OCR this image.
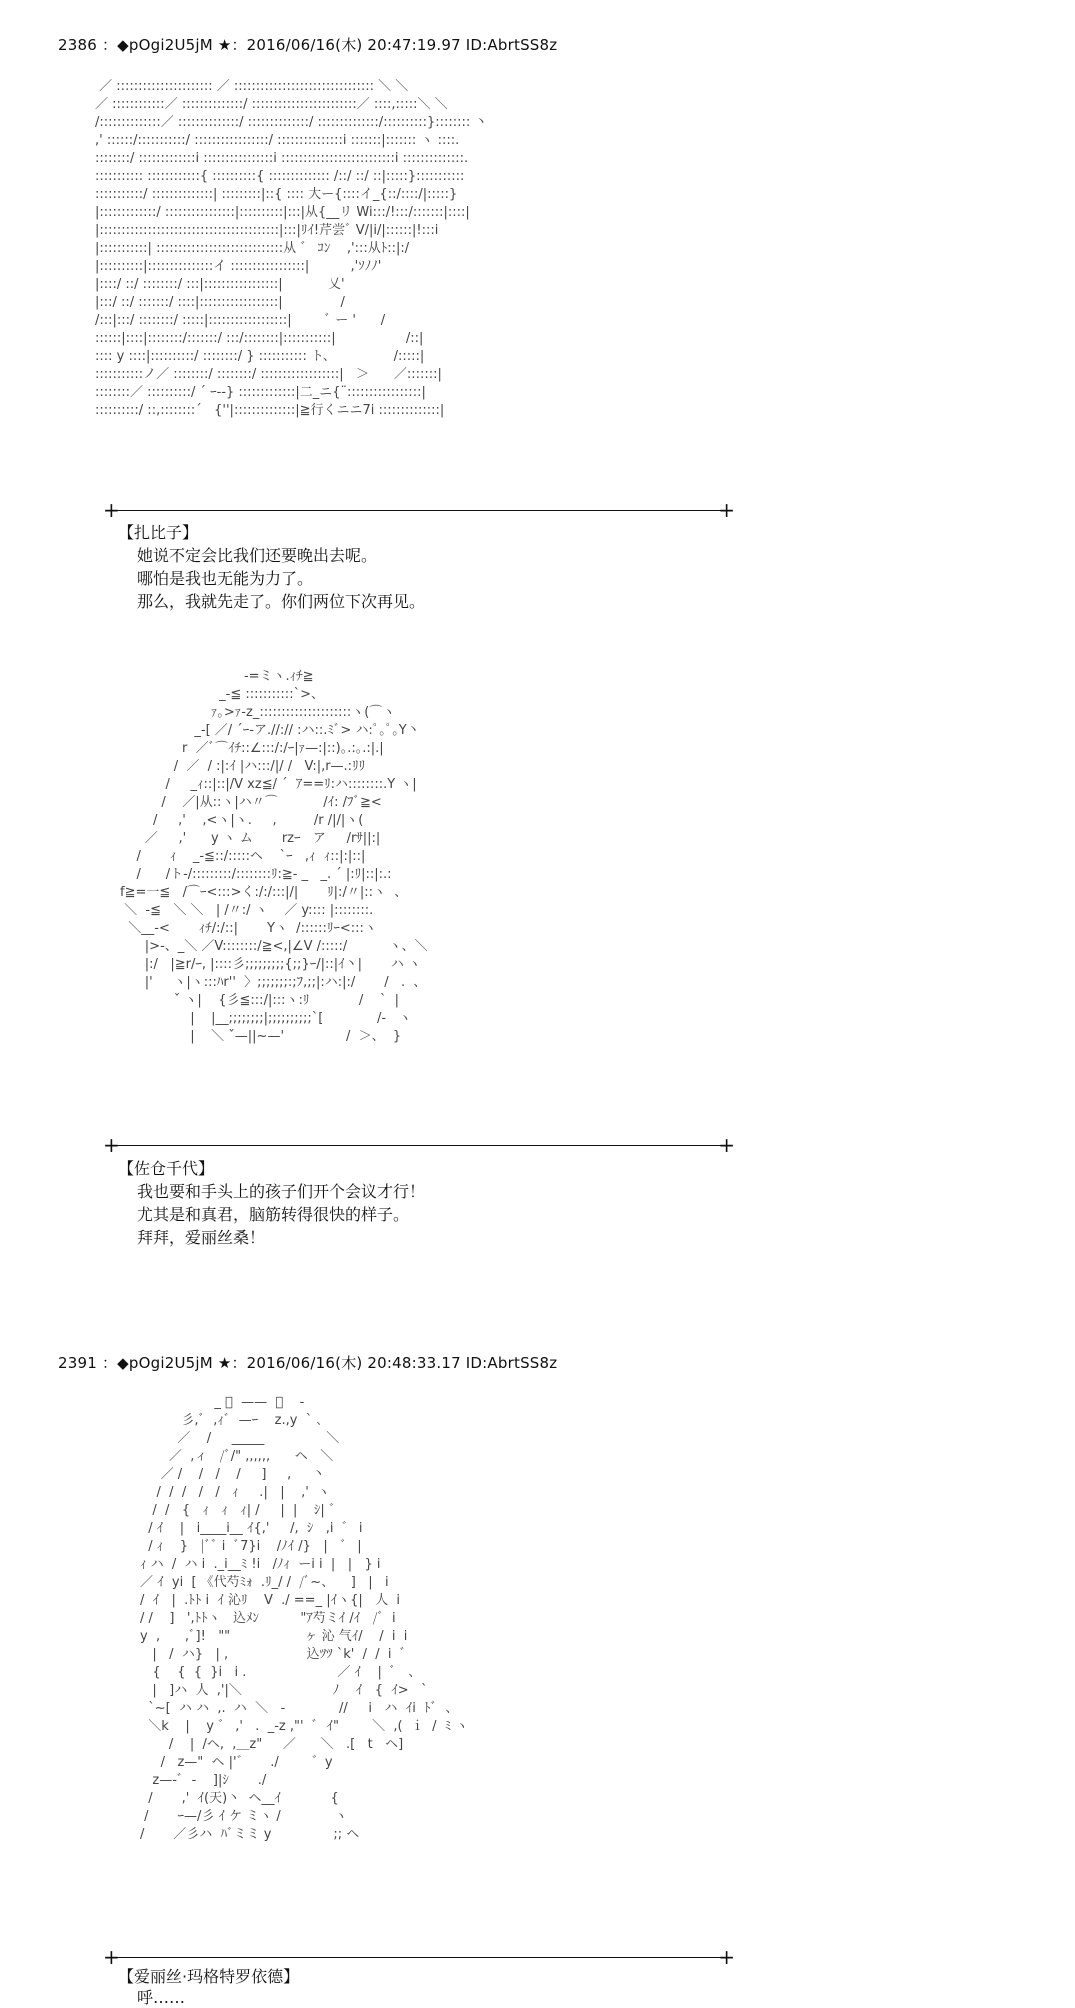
2386 ：◆pOgi2U5jM ★：2016/06/16(木) 20:47:19.97 ID:AbrtSS8z
／ :::::::::::::::::::::: ／ :::::::::::::::::::::::::::::::: ＼ ＼
／ ::::::::::::／ ::::::::::::::/ ::::::::::::::::::::::::／ ::::,:::::＼ ＼
/::::::::::::::／ ::::::::::::::/ ::::::::::::::/ ::::::::::::::/::::::::::}:::::::: 丶
,' ::::::/:::::::::::/ :::::::::::::::::/ :::::::::::::::i :::::::|::::::: ヽ ::::.
::::::::/ :::::::::::::i ::::::::::::::::i ::::::::::::::::::::::::::i ::::::::::::::.
::::::::::: ::::::::::::{ ::::::::::{ :::::::::::::: /::/ ::/ ::|:::::}:::::::::::
:::::::::::/ ::::::::::::::| :::::::::|::{ :::: 大ー{::::イ_{::/::::/|:::::}
|:::::::::::::/ ::::::::::::::::|::::::::::|:::|从{__リ Wi:::/!:::/:::::::|::::|
|:::::::::::::::::::::::::::::::::::::::::|:::|ﾘｲ!芹尝ﾞ V/|i/|::::::|!:::i
|:::::::::::| :::::::::::::::::::::::::::::从 ゛ ｺﾝ    ,':::从ﾄ::|:/
|::::::::::|:::::::::::::::イ :::::::::::::::::|          ,'ｿﾉﾉ'
|::::/ ::/ ::::::::/ :::|:::::::::::::::::|           乂'
|:::/ ::/ :::::::/ ::::|::::::::::::::::::|              /
/:::|:::/ ::::::::/ :::::|::::::::::::::::::|        ﾞ ー '      /
::::::|::::|::::::::/:::::::/ :::/::::::::|:::::::::::|                 /::|
:::: y ::::|::::::::::/ ::::::::/ } ::::::::::: ト、              /:::::|
:::::::::::ノ／ ::::::::/ ::::::::/ ::::::::::::::::::|   ＞      ／:::::::|
::::::::／ ::::::::::/ ˊ ｰ--} :::::::::::::|二_ニ{¨:::::::::::::::::|
::::::::::/ ::,::::::::ˊ   {''|::::::::::::::|≧行くニニ7i ::::::::::::::|
+	+
【扎比子】
她说不定会比我们还要晚出去呢。
哪怕是我也无能为力了。
那么，我就先走了。你们两位下次再见。
-=ミヽ.ｨﾁ≧
_-≦ :::::::::::ˋ>、
ｧ｡>ｧ-z_:::::::::::::::::::::ヽ(⌒ヽ
_-[ ／/ ˊｰ-ア.//:// :ハ::.ﾐﾞ> ハ:ﾟ｡ﾟ｡Y丶
r  ／ﾞ⌒ｲﾁ::∠:::/:/ｰ|ｧ—:|::)｡.:｡.:|.|
/  ／  / :|:ｲ |ハ:::/|/ /   V:|,r—.:ﾘﾘ
/     _ｨ::|::|/V xz≦/ ˊ  ｱ==ﾘ:ハ::::::::.Y ヽ|
/    ／|从::ヽ|ハ〃⌒           /ｲ: /ﾌﾞ≧<
/     ,'    ,<ヽ|ヽ.     ,         /r /|/|ヽ(
／     ,'      y ヽ ム       rzｰ   ア     /rｻ||:|
/       ｨ    _-≦::/:::::ヘ    ˋｰ   ,ｨ  ｨ::|:|::|
/      /ト-/:::::::::/::::::::ﾘ:≧- _   _. ˊ |:ﾘ|::|:.:
f≧=一≦   /⌒ｰ<:::>く:/:/:::|/|       ﾘ|:/〃|::ヽ  、
＼  -≦   ＼ ＼   | /〃:/ ヽ    ／ y:::: |::::::::.
＼__-<       ｨﾁ/:/::|       Yヽ  /::::::ﾘｰ<:::ヽ
|>-、_＼ ／V::::::::/≧<,|∠V /:::::/          ヽ、＼
|:/   |≧r/ｰ, |::::彡;;;;;;;;;{;;}ｰ/|::|ｲ丶|       ハ ヽ
|'     ヽ|ヽ:::ﾊr''  〉;;;;;;;:;ﾌ,;;|:ハ:|:/       /   .  、
ˇ ヽ|    {彡≦:::/|:::ヽ:ﾘ            /    ˋ  |
|    |__;;;;;;;;|;;;;;;;;;;ˋ[             /-   ヽ
|    ＼ ˇ—||~—'               /  ＞、  }
+	+
【佐仓千代】
我也要和手头上的孩子们开个会议才行！
尤其是和真君，脑筋转得很快的样子。
拜拜，爱丽丝桑！
2391 ：◆pOgi2U5jM ★：2016/06/16(木) 20:48:33.17 ID:AbrtSS8z
_ ﾞ  ——  、    -
彡,ﾞ  ,ｨﾞ  —ｰ    z.,y  ˋ ､
／    /     _____               ＼
／  ,ィ   /ﾞ/" ,,,,,,      ヘ   ＼
／ /    /   /    /     ]     ,     丶
/  /  /   /   /   ｨ     .|   |    ,'  ヽ
/  /   {   ｨ   ｨ   ｨ| /     |  |    ｼ| ゛
/ ｲ    |   i____i__ ｲ{,'     /,  ｼ   ,i  ゛ i
/ ｨ    }   |ﾞﾞ i  ﾞ7}i    /ﾉｲ /}   |   ゛ |
ｨ ハ  /  ハ i  ._i__ﾐ !i   /ﾉｨ  ーi i  |   |   } i
／ ｲ  yi  [ 《代芍ﾐｫ  .ﾘ_/ /  /ﾞ~、    ]   |   i
/  ｲ   |  .ﾄﾄ i  ｲ 沁ﾘ    V  ./ ==_ |ｲヽ{|   人  i
/ /    ]   ',ﾄﾄヽ   込ﾒﾝ          "ｱ芍ミｲ /ｲ   /ﾞ  i
y  ,      ,ﾞ]!   ""                  ヶ 沁 气ｲ/    /  i  i
|   /  ハ}   | ,                   込ﾂﾂ ˋk'  /  /  i  ﾞ
{    {  {  }i   i .                      ／ ｲ    |  ﾞ   、
|   ]ハ  人  ,'|＼                      ﾉ    ｲ   {  ｲ>   ˋ
ˋ~[  ハ ハ  ,.  ハ  ＼   -             //     i   ハ  ｲi  ﾄﾞ  、
＼k    |    y ゛ ,'   .  _-z ,"'  ﾞ  ｲ"        ＼  ,(  ｉ  /  ﾐ ヽ
/    |  /ヘ,  ,＿z"     ／      ＼   .[   t   ヘ]
/   z—"  ヘ |'゛     ./        ゛y
z—-ﾞ  -    ]|ｼ       ./
/       ,'  ｲ(天)丶  ヘ__ｲ            {
/       ｰ—/彡 ｲ ケ ミヽ /             ヽ
/       ／彡ハ  ﾊﾞミミ y               ;; ヘ
+	+
【爱丽丝·玛格特罗依德】
呼……
